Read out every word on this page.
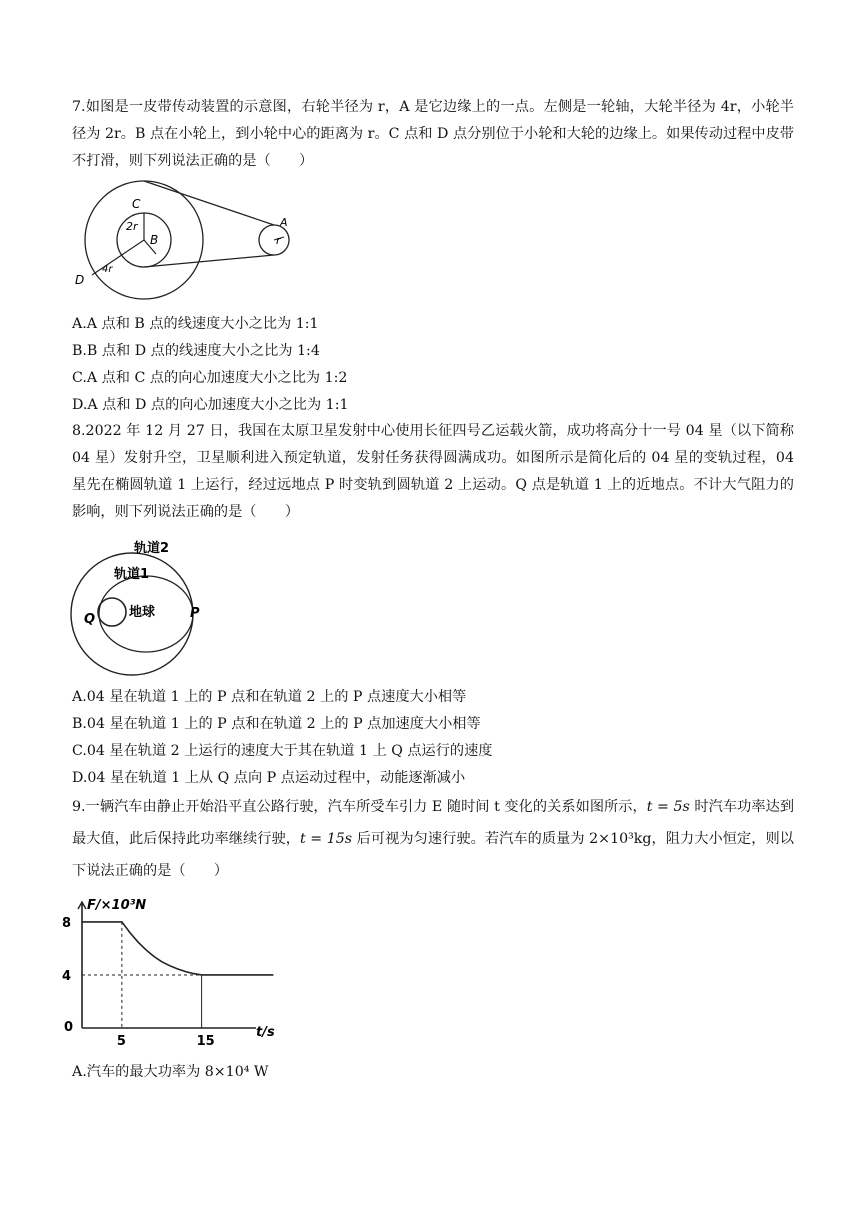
7.如图是一皮带传动装置的示意图，右轮半径为 r，A 是它边缘上的一点。左侧是一轮轴，大轮半径为 4r，小轮半径为 2r。B 点在小轮上，到小轮中心的距离为 r。C 点和 D 点分别位于小轮和大轮的边缘上。如果传动过程中皮带不打滑，则下列说法正确的是（　　）
C
2r
B
A
r
D
4r
A.A 点和 B 点的线速度大小之比为 1:1
B.B 点和 D 点的线速度大小之比为 1:4
C.A 点和 C 点的向心加速度大小之比为 1:2
D.A 点和 D 点的向心加速度大小之比为 1:1
8.2022 年 12 月 27 日，我国在太原卫星发射中心使用长征四号乙运载火箭，成功将高分十一号 04 星（以下简称 04 星）发射升空，卫星顺利进入预定轨道，发射任务获得圆满成功。如图所示是简化后的 04 星的变轨过程，04 星先在椭圆轨道 1 上运行，经过远地点 P 时变轨到圆轨道 2 上运动。Q 点是轨道 1 上的近地点。不计大气阻力的影响，则下列说法正确的是（　　）
轨道2
轨道1
地球
Q	P
A.04 星在轨道 1 上的 P 点和在轨道 2 上的 P 点速度大小相等
B.04 星在轨道 1 上的 P 点和在轨道 2 上的 P 点加速度大小相等
C.04 星在轨道 2 上运行的速度大于其在轨道 1 上 Q 点运行的速度
D.04 星在轨道 1 上从 Q 点向 P 点运动过程中，动能逐渐减小
9.一辆汽车由静止开始沿平直公路行驶，汽车所受车引力 E 随时间 t 变化的关系如图所示，t = 5s 时汽车功率达到最大值，此后保持此功率继续行驶，t = 15s 后可视为匀速行驶。若汽车的质量为 2×10³kg，阻力大小恒定，则以下说法正确的是（　　）
F/×10³N
t/s
8
4
0
5	15
A.汽车的最大功率为 8×10⁴ W
